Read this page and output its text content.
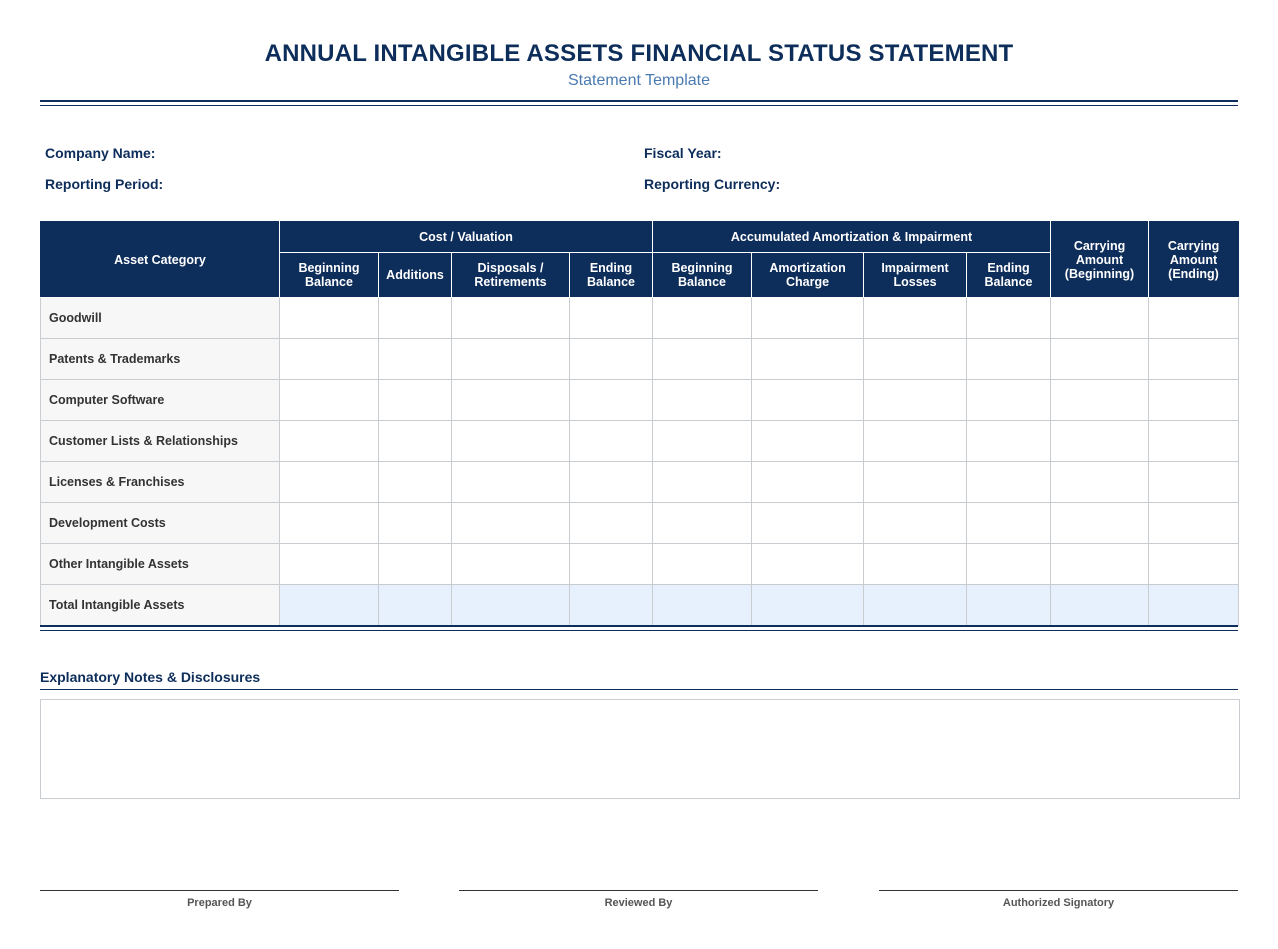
ANNUAL INTANGIBLE ASSETS FINANCIAL STATUS STATEMENT
Statement Template
Company Name:
Reporting Period:
Fiscal Year:
Reporting Currency:
Asset Category	Cost / Valuation				Accumulated Amortization & Impairment				Carrying Amount (Beginning)	Carrying Amount (Ending)
	Beginning Balance	Additions	Disposals / Retirements	Ending Balance	Beginning Balance	Amortization Charge	Impairment Losses	Ending Balance		
Goodwill										
Patents & Trademarks										
Computer Software										
Customer Lists & Relationships										
Licenses & Franchises										
Development Costs										
Other Intangible Assets										
Total Intangible Assets										
Explanatory Notes & Disclosures
Prepared By	Reviewed By	Authorized Signatory
